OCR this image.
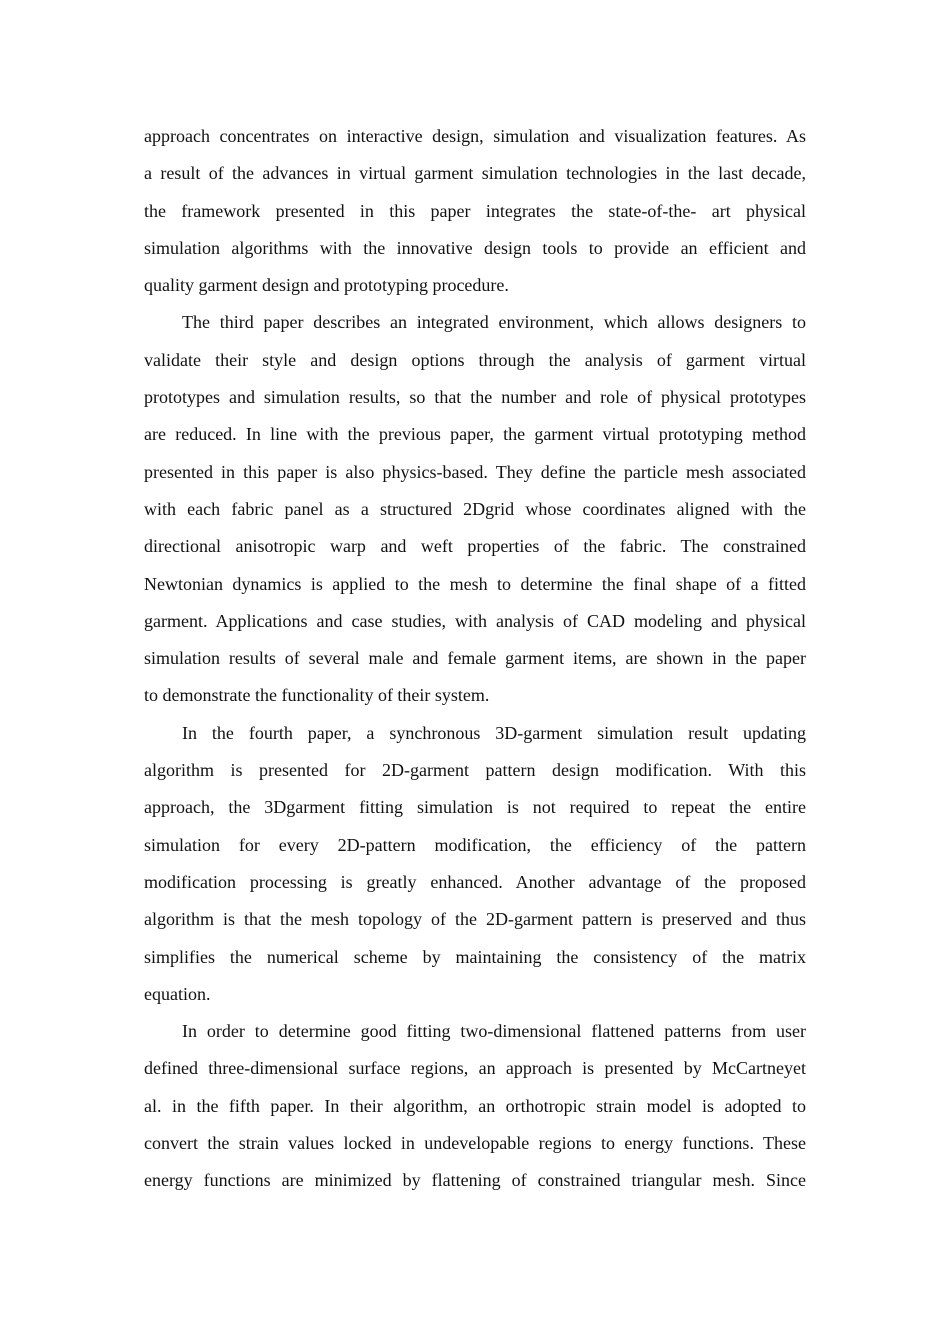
approach concentrates on interactive design, simulation and visualization features. As
a result of the advances in virtual garment simulation technologies in the last decade,
the framework presented in this paper integrates the state-of-the- art physical
simulation algorithms with the innovative design tools to provide an efficient and
quality garment design and prototyping procedure.
The third paper describes an integrated environment, which allows designers to
validate their style and design options through the analysis of garment virtual
prototypes and simulation results, so that the number and role of physical prototypes
are reduced. In line with the previous paper, the garment virtual prototyping method
presented in this paper is also physics-based. They define the particle mesh associated
with each fabric panel as a structured 2Dgrid whose coordinates aligned with the
directional anisotropic warp and weft properties of the fabric. The constrained
Newtonian dynamics is applied to the mesh to determine the final shape of a fitted
garment. Applications and case studies, with analysis of CAD modeling and physical
simulation results of several male and female garment items, are shown in the paper
to demonstrate the functionality of their system.
In the fourth paper, a synchronous 3D-garment simulation result updating
algorithm is presented for 2D-garment pattern design modification. With this
approach, the 3Dgarment fitting simulation is not required to repeat the entire
simulation for every 2D-pattern modification, the efficiency of the pattern
modification processing is greatly enhanced. Another advantage of the proposed
algorithm is that the mesh topology of the 2D-garment pattern is preserved and thus
simplifies the numerical scheme by maintaining the consistency of the matrix
equation.
In order to determine good fitting two-dimensional flattened patterns from user
defined three-dimensional surface regions, an approach is presented by McCartneyet
al. in the fifth paper. In their algorithm, an orthotropic strain model is adopted to
convert the strain values locked in undevelopable regions to energy functions. These
energy functions are minimized by flattening of constrained triangular mesh. Since
